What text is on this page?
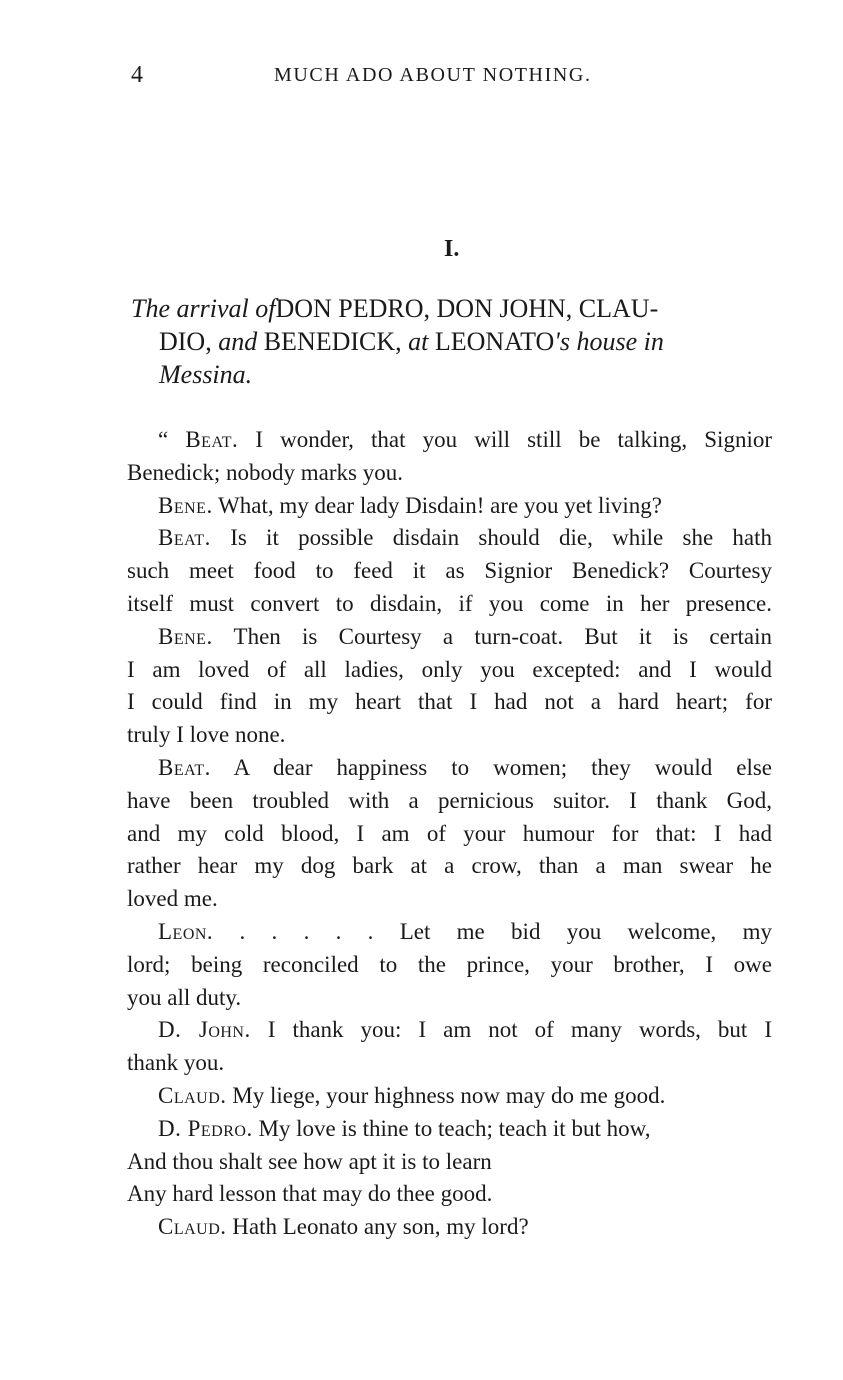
4	MUCH ADO ABOUT NOTHING.
I.
The arrival ofDON PEDRO, DON JOHN, CLAU-
DIO, and BENEDICK, at LEONATO's house in
Messina.
“ Beat. I wonder, that you will still be talking, Signior
Benedick; nobody marks you.
Bene. What, my dear lady Disdain! are you yet living?
Beat. Is it possible disdain should die, while she hath
such meet food to feed it as Signior Benedick? Courtesy
itself must convert to disdain, if you come in her presence.
Bene. Then is Courtesy a turn-coat. But it is certain
I am loved of all ladies, only you excepted: and I would
I could find in my heart that I had not a hard heart; for
truly I love none.
Beat. A dear happiness to women; they would else
have been troubled with a pernicious suitor. I thank God,
and my cold blood, I am of your humour for that: I had
rather hear my dog bark at a crow, than a man swear he
loved me.
Leon. . . . . . Let me bid you welcome, my
lord; being reconciled to the prince, your brother, I owe
you all duty.
D. John. I thank you: I am not of many words, but I
thank you.
Claud. My liege, your highness now may do me good.
D. Pedro. My love is thine to teach; teach it but how,
And thou shalt see how apt it is to learn
Any hard lesson that may do thee good.
Claud. Hath Leonato any son, my lord?
